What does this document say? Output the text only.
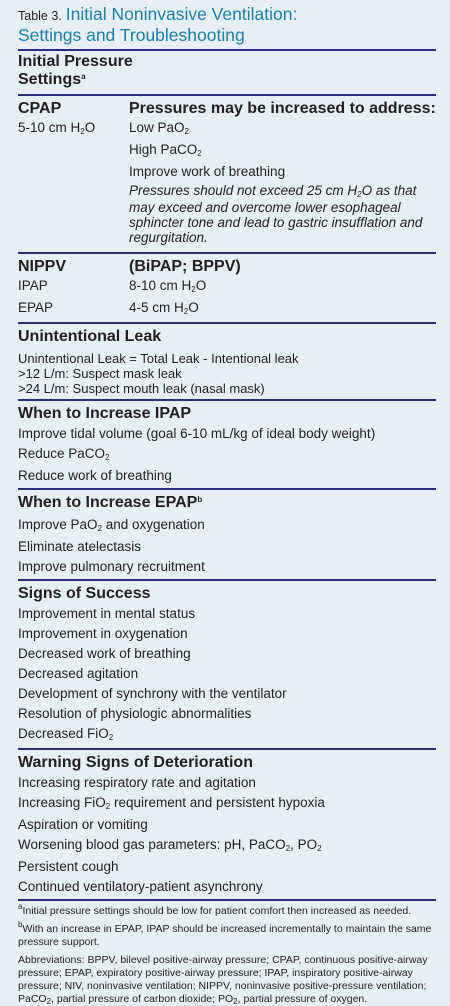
Table 3. Initial Noninvasive Ventilation:
Settings and Troubleshooting
Initial Pressure
Settings$^a$
CPAP	Pressures may be increased to address:
5-10 cm $H_2O$	Low PaO$_2$
High PaCO$_2$
Improve work of breathing
Pressures should not exceed 25 cm $H_2O$ as that may exceed and overcome lower esophageal sphincter tone and lead to gastric insufflation and regurgitation.
NIPPV	(BiPAP; BPPV)
IPAP	8-10 cm $H_2O$
EPAP	4-5 cm $H_2O$
Unintentional Leak
Unintentional Leak = Total Leak - Intentional leak
>12 L/m: Suspect mask leak
>24 L/m: Suspect mouth leak (nasal mask)
When to Increase IPAP
Improve tidal volume (goal 6-10 mL/kg of ideal body weight)
Reduce PaCO$_2$
Reduce work of breathing
When to Increase EPAP$^b$
Improve PaO$_2$ and oxygenation
Eliminate atelectasis
Improve pulmonary recruitment
Signs of Success
Improvement in mental status
Improvement in oxygenation
Decreased work of breathing
Decreased agitation
Development of synchrony with the ventilator
Resolution of physiologic abnormalities
Decreased FiO$_2$
Warning Signs of Deterioration
Increasing respiratory rate and agitation
Increasing FiO$_2$ requirement and persistent hypoxia
Aspiration or vomiting
Worsening blood gas parameters: pH, PaCO$_2$, $PO_2$
Persistent cough
Continued ventilatory-patient asynchrony
$^a$Initial pressure settings should be low for patient comfort then increased as needed.
$^b$With an increase in EPAP, IPAP should be increased incrementally to maintain the same pressure support.
Abbreviations: BPPV, bilevel positive-airway pressure; CPAP, continuous positive-airway pressure; EPAP, expiratory positive-airway pressure; IPAP, inspiratory positive-airway pressure; NIV, noninvasive ventilation; NIPPV, noninvasive positive-pressure ventilation; PaCO$_2$, partial pressure of carbon dioxide; $PO_2$, partial pressure of oxygen.
